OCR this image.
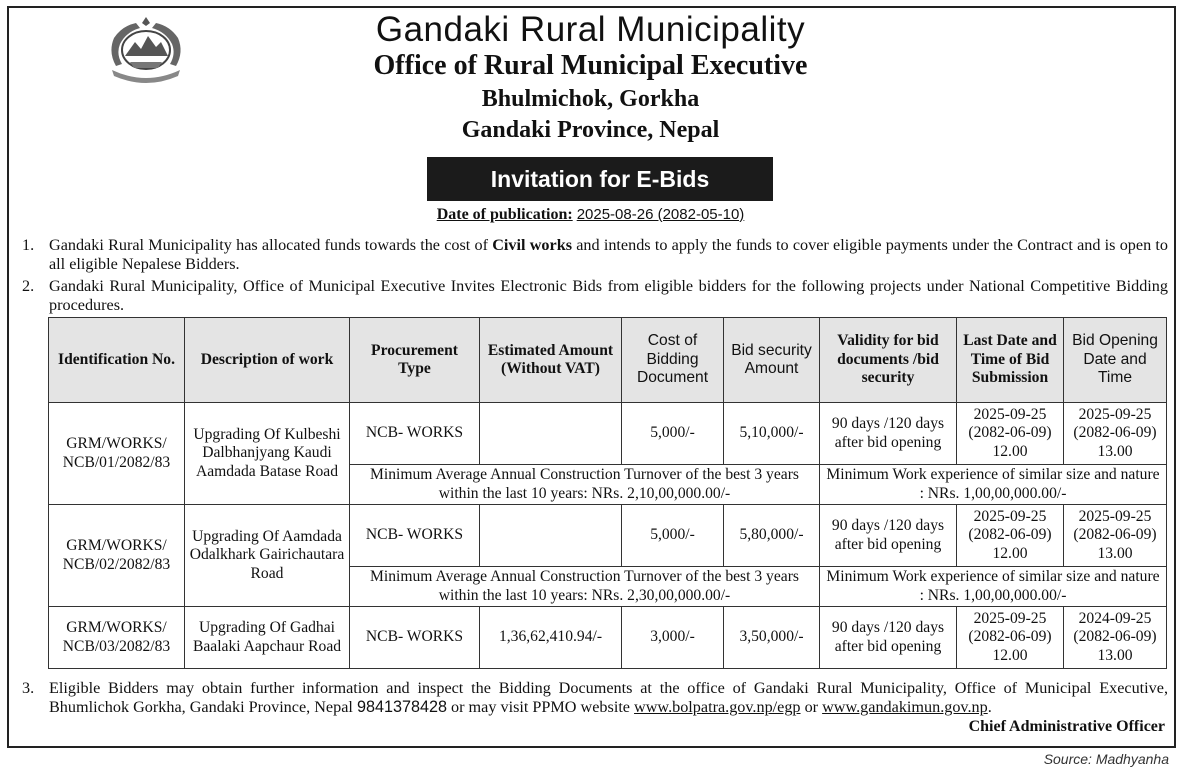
Gandaki Rural Municipality
Office of Rural Municipal Executive
Bhulmichok, Gorkha
Gandaki Province, Nepal
Invitation for E-Bids
Date of publication: 2025-08-26 (2082-05-10)
1. Gandaki Rural Municipality has allocated funds towards the cost of Civil works and intends to apply the funds to cover eligible payments under the Contract and is open to all eligible Nepalese Bidders.
2. Gandaki Rural Municipality, Office of Municipal Executive Invites Electronic Bids from eligible bidders for the following projects under National Competitive Bidding procedures.
Identification No.	Description of work	Procurement Type	Estimated Amount (Without VAT)	Cost of Bidding Document	Bid security Amount	Validity for bid documents /bid security	Last Date and Time of Bid Submission	Bid Opening Date and Time
GRM/WORKS/ NCB/01/2082/83	Upgrading Of Kulbeshi Dalbhanjyang Kaudi Aamdada Batase Road	NCB- WORKS		5,000/-	5,10,000/-	90 days /120 days after bid opening	2025-09-25 (2082-06-09) 12.00	2025-09-25 (2082-06-09) 13.00
		Minimum Average Annual Construction Turnover of the best 3 years within the last 10 years: NRs. 2,10,00,000.00/-				Minimum Work experience of similar size and nature : NRs. 1,00,00,000.00/-		
GRM/WORKS/ NCB/02/2082/83	Upgrading Of Aamdada Odalkhark Gairichautara Road	NCB- WORKS		5,000/-	5,80,000/-	90 days /120 days after bid opening	2025-09-25 (2082-06-09) 12.00	2025-09-25 (2082-06-09) 13.00
		Minimum Average Annual Construction Turnover of the best 3 years within the last 10 years: NRs. 2,30,00,000.00/-				Minimum Work experience of similar size and nature : NRs. 1,00,00,000.00/-		
GRM/WORKS/ NCB/03/2082/83	Upgrading Of Gadhai Baalaki Aapchaur Road	NCB- WORKS	1,36,62,410.94/-	3,000/-	3,50,000/-	90 days /120 days after bid opening	2025-09-25 (2082-06-09) 12.00	2024-09-25 (2082-06-09) 13.00
3. Eligible Bidders may obtain further information and inspect the Bidding Documents at the office of Gandaki Rural Municipality, Office of Municipal Executive, Bhumlichok Gorkha, Gandaki Province, Nepal 9841378428 or may visit PPMO website www.bolpatra.gov.np/egp or www.gandakimun.gov.np.
Chief Administrative Officer
Source: Madhyanha
